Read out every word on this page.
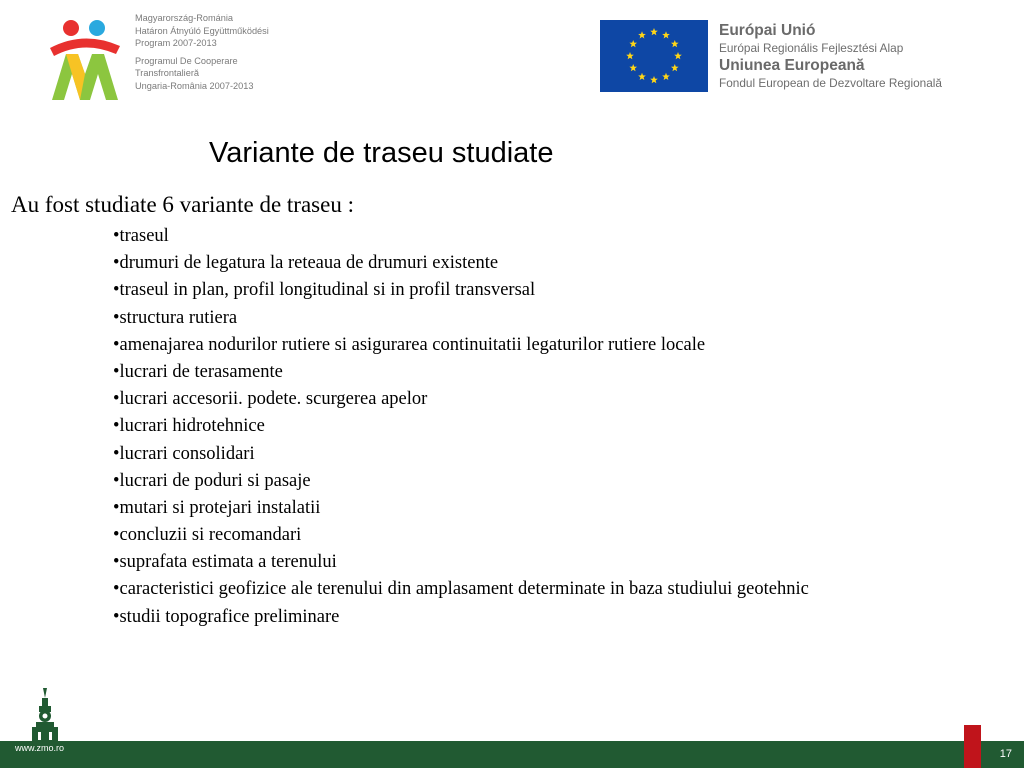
Magyarország-Románia
Határon Átnyúló Együttműködési
Program 2007-2013
Programul De Cooperare
Transfrontalieră
Ungaria-România 2007-2013
Európai Unió
Európai Regionális Fejlesztési Alap
Uniunea Europeană
Fondul European de Dezvoltare Regională
Variante de traseu studiate
Au fost studiate 6 variante de traseu :
•traseul
•drumuri de legatura la reteaua de drumuri existente
•traseul in plan, profil longitudinal si in profil transversal
•structura rutiera
•amenajarea nodurilor rutiere si asigurarea continuitatii legaturilor rutiere locale
•lucrari de terasamente
•lucrari accesorii. podete. scurgerea apelor
•lucrari hidrotehnice
•lucrari consolidari
•lucrari de poduri si pasaje
•mutari si protejari instalatii
•concluzii si recomandari
•suprafata estimata a terenului
•caracteristici geofizice ale terenului din amplasament determinate in baza studiului geotehnic
•studii topografice preliminare
www.zmo.ro	17
